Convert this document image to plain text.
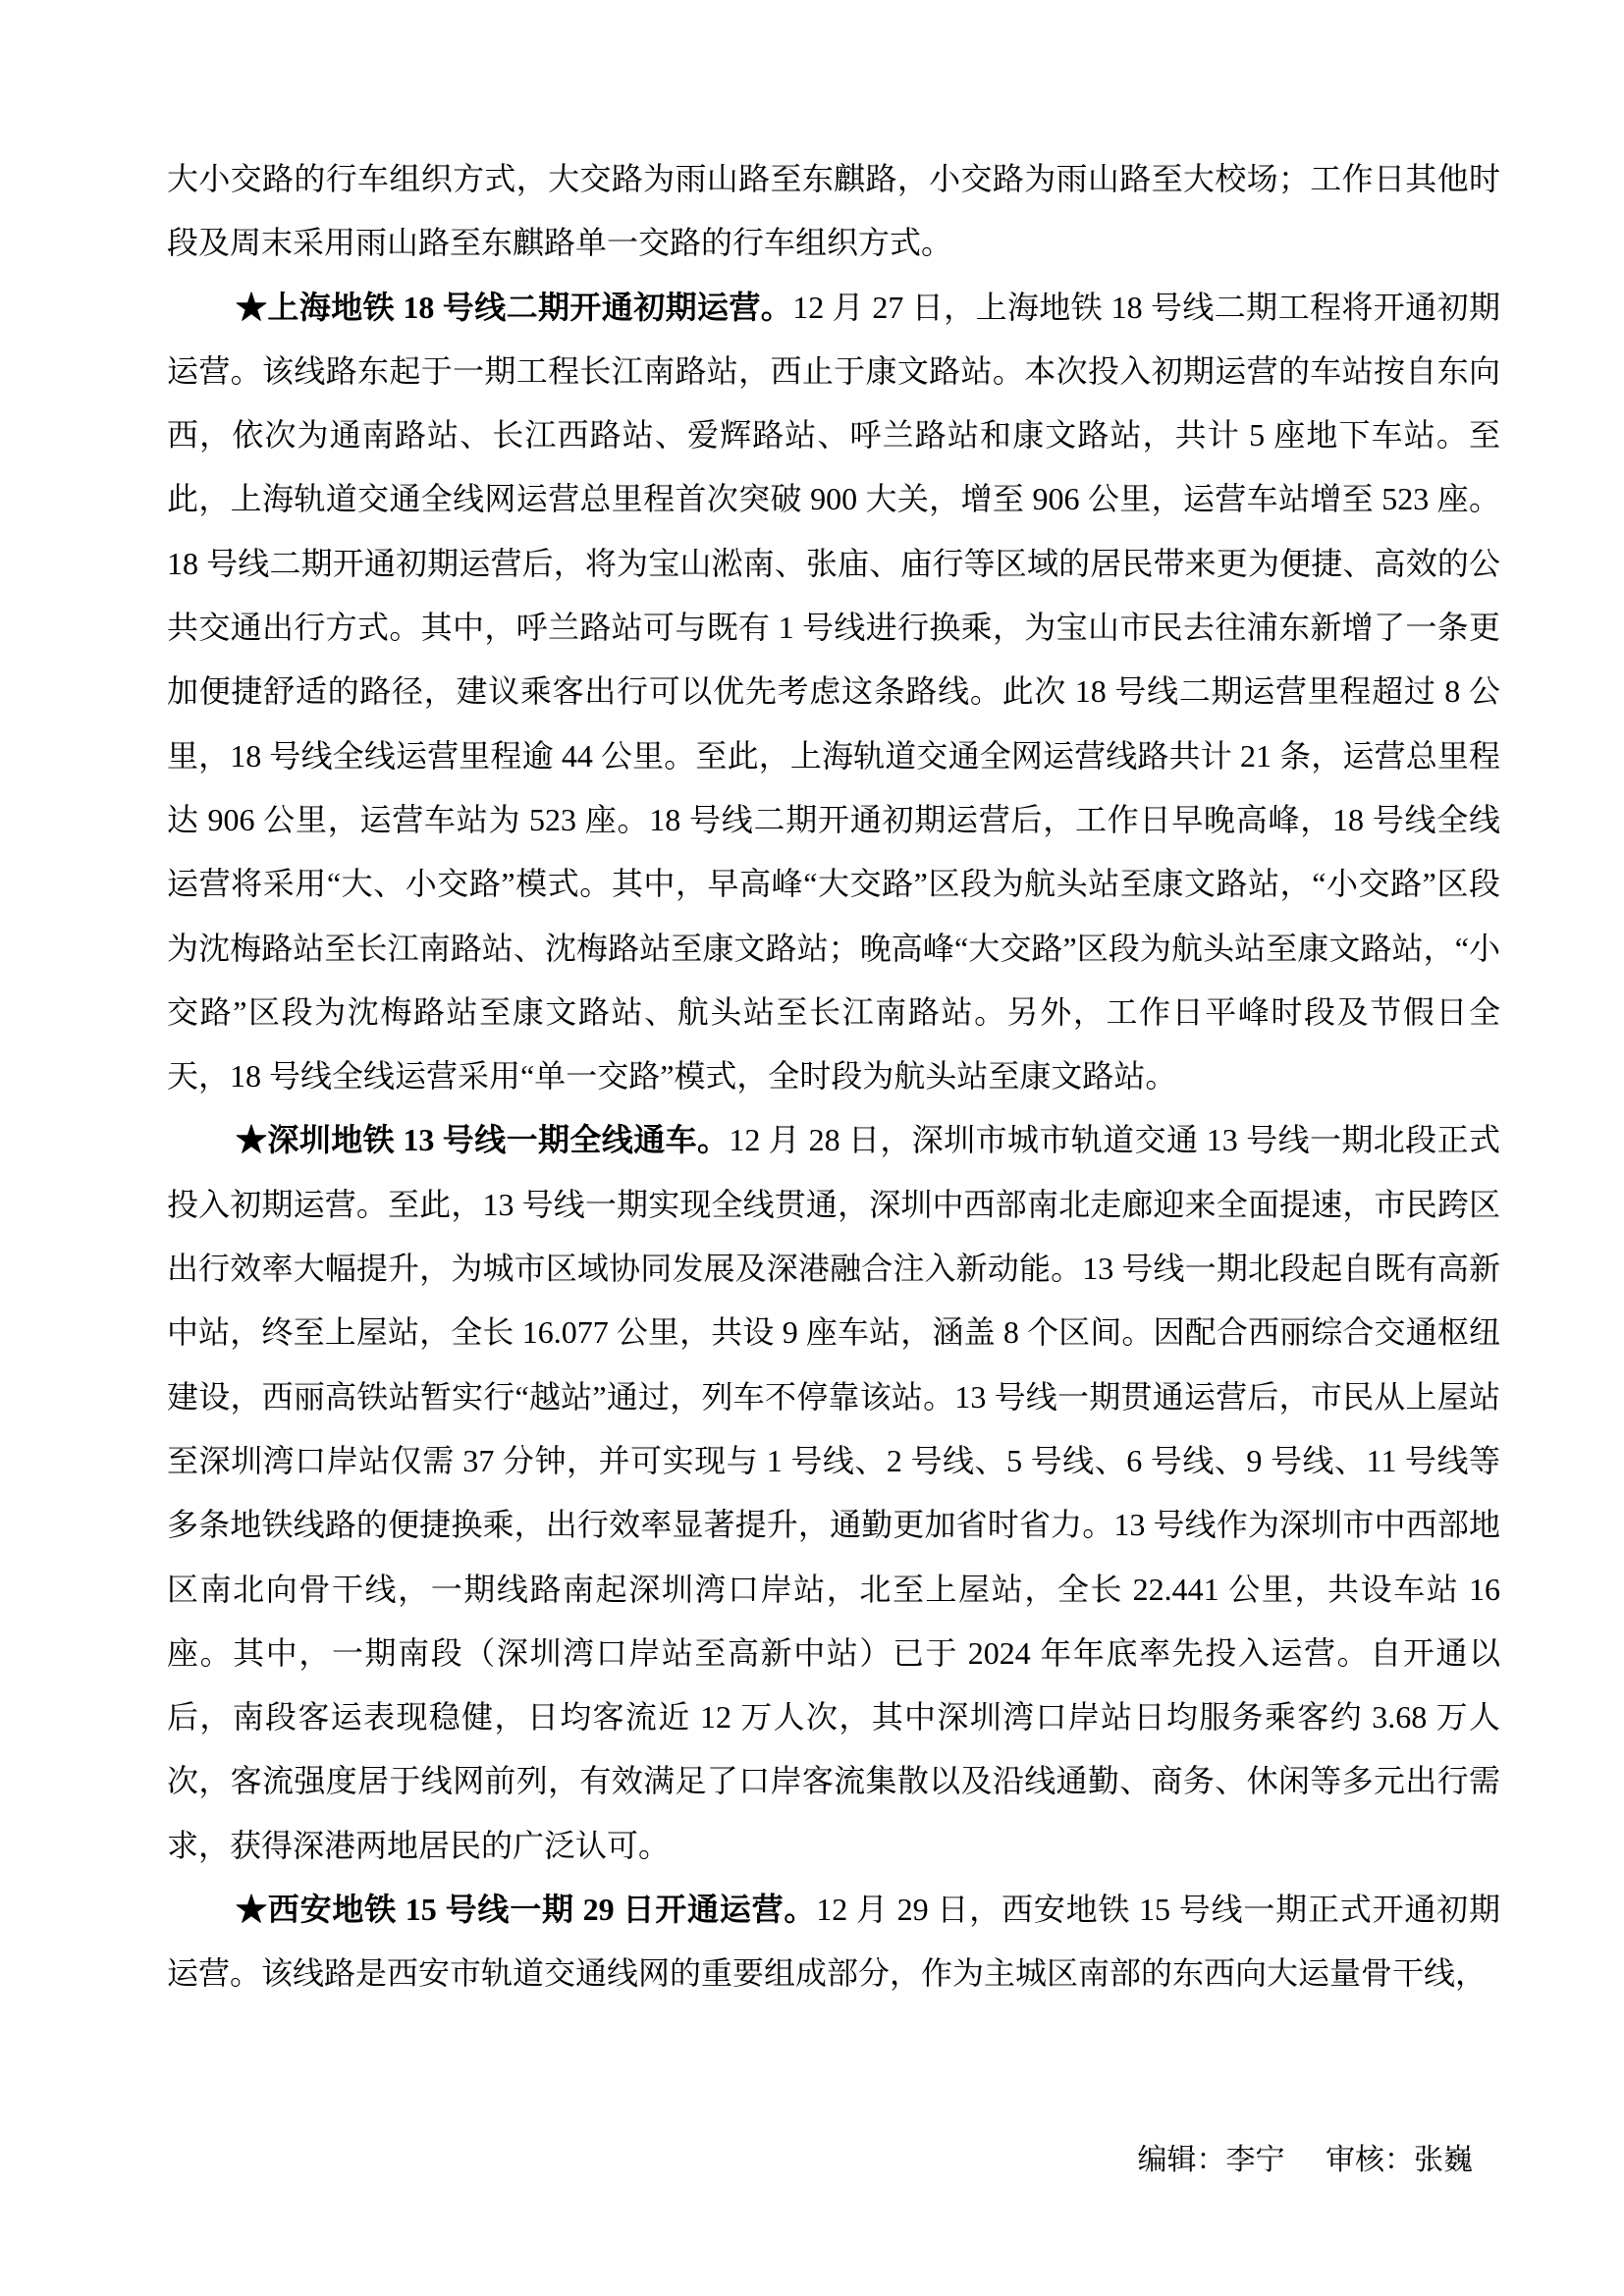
大小交路的行车组织方式，大交路为雨山路至东麒路，小交路为雨山路至大校场；工作日其他时段及周末采用雨山路至东麒路单一交路的行车组织方式。

★上海地铁 18 号线二期开通初期运营。12 月 27 日，上海地铁 18 号线二期工程将开通初期运营。该线路东起于一期工程长江南路站，西止于康文路站。本次投入初期运营的车站按自东向西，依次为通南路站、长江西路站、爱辉路站、呼兰路站和康文路站，共计 5 座地下车站。至此，上海轨道交通全线网运营总里程首次突破 900 大关，增至 906 公里，运营车站增至 523 座。18 号线二期开通初期运营后，将为宝山淞南、张庙、庙行等区域的居民带来更为便捷、高效的公共交通出行方式。其中，呼兰路站可与既有 1 号线进行换乘，为宝山市民去往浦东新增了一条更加便捷舒适的路径，建议乘客出行可以优先考虑这条路线。此次 18 号线二期运营里程超过 8 公里，18 号线全线运营里程逾 44 公里。至此，上海轨道交通全网运营线路共计 21 条，运营总里程达 906 公里，运营车站为 523 座。18 号线二期开通初期运营后，工作日早晚高峰，18 号线全线运营将采用“大、小交路”模式。其中，早高峰“大交路”区段为航头站至康文路站，“小交路”区段为沈梅路站至长江南路站、沈梅路站至康文路站；晚高峰“大交路”区段为航头站至康文路站，“小交路”区段为沈梅路站至康文路站、航头站至长江南路站。另外，工作日平峰时段及节假日全天，18 号线全线运营采用“单一交路”模式，全时段为航头站至康文路站。

★深圳地铁 13 号线一期全线通车。12 月 28 日，深圳市城市轨道交通 13 号线一期北段正式投入初期运营。至此，13 号线一期实现全线贯通，深圳中西部南北走廊迎来全面提速，市民跨区出行效率大幅提升，为城市区域协同发展及深港融合注入新动能。13 号线一期北段起自既有高新中站，终至上屋站，全长 16.077 公里，共设 9 座车站，涵盖 8 个区间。因配合西丽综合交通枢纽建设，西丽高铁站暂实行“越站”通过，列车不停靠该站。13 号线一期贯通运营后，市民从上屋站至深圳湾口岸站仅需 37 分钟，并可实现与 1 号线、2 号线、5 号线、6 号线、9 号线、11 号线等多条地铁线路的便捷换乘，出行效率显著提升，通勤更加省时省力。13 号线作为深圳市中西部地区南北向骨干线，一期线路南起深圳湾口岸站，北至上屋站，全长 22.441 公里，共设车站 16 座。其中，一期南段（深圳湾口岸站至高新中站）已于 2024 年年底率先投入运营。自开通以后，南段客运表现稳健，日均客流近 12 万人次，其中深圳湾口岸站日均服务乘客约 3.68 万人次，客流强度居于线网前列，有效满足了口岸客流集散以及沿线通勤、商务、休闲等多元出行需求，获得深港两地居民的广泛认可。

★西安地铁 15 号线一期 29 日开通运营。12 月 29 日，西安地铁 15 号线一期正式开通初期运营。该线路是西安市轨道交通线网的重要组成部分，作为主城区南部的东西向大运量骨干线，

编辑：李宁 审核：张巍
